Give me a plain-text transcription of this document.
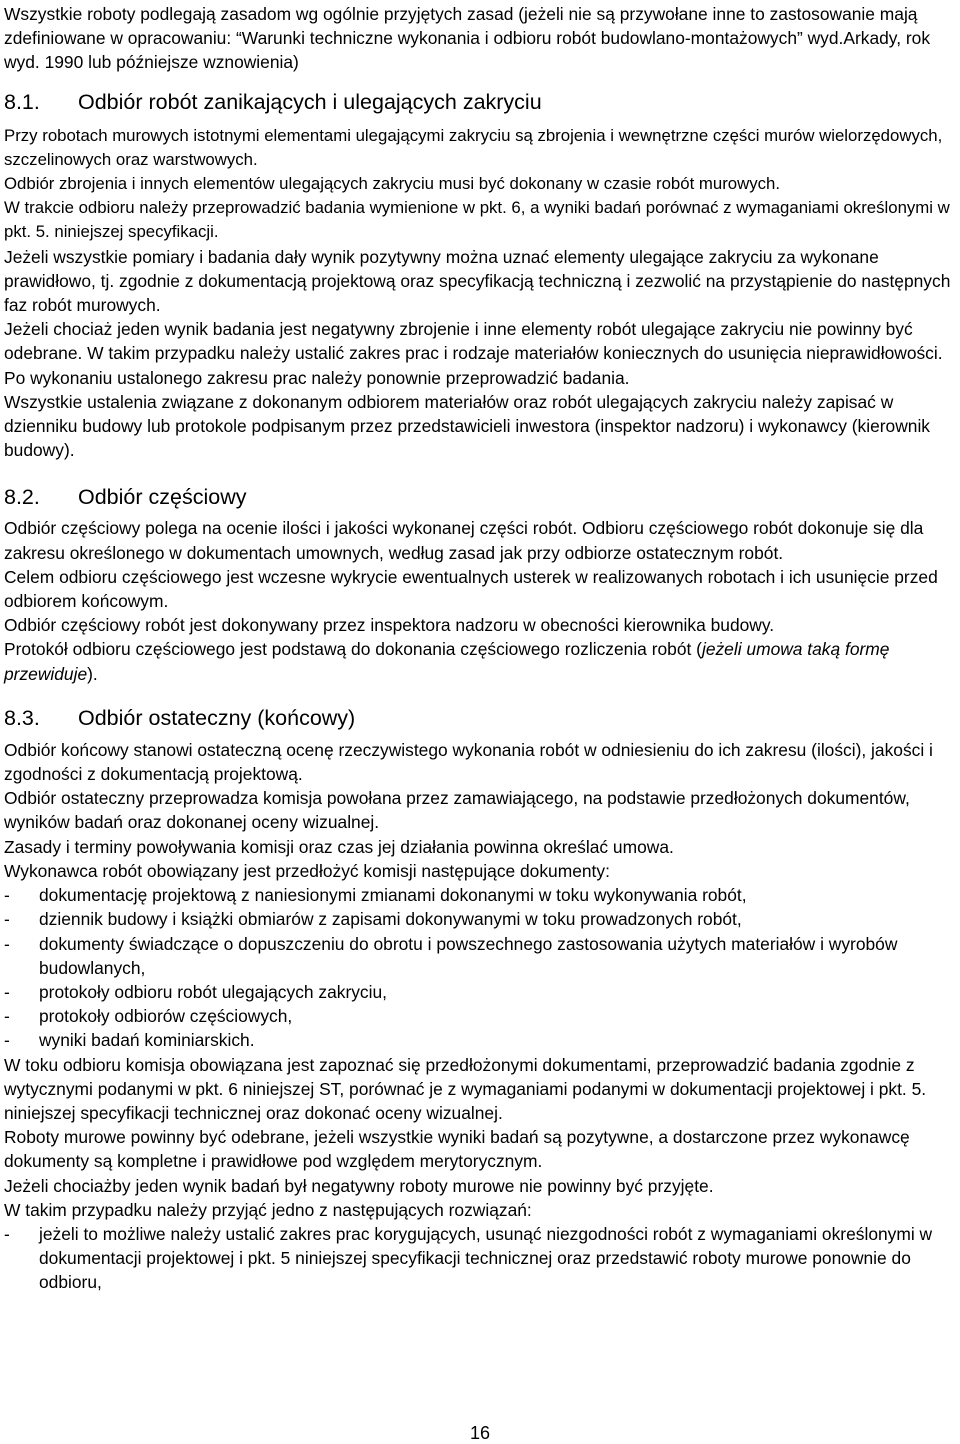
Wszystkie roboty podlegają zasadom wg ogólnie przyjętych zasad (jeżeli nie są przywołane inne to zastosowanie mają zdefiniowane w opracowaniu: “Warunki techniczne wykonania i odbioru robót budowlano-montażowych” wyd.Arkady, rok wyd. 1990 lub późniejsze wznowienia)

8.1.	Odbiór robót zanikających i ulegających zakryciu

Przy robotach murowych istotnymi elementami ulegającymi zakryciu są zbrojenia i wewnętrzne części murów wielorzędowych, szczelinowych oraz warstwowych.

Odbiór zbrojenia i innych elementów ulegających zakryciu musi być dokonany w czasie robót murowych.

W trakcie odbioru należy przeprowadzić badania wymienione w pkt. 6, a wyniki badań porównać z wymaganiami określonymi w pkt. 5. niniejszej specyfikacji.

Jeżeli wszystkie pomiary i badania dały wynik pozytywny można uznać elementy ulegające zakryciu za wykonane prawidłowo, tj. zgodnie z dokumentacją projektową oraz specyfikacją techniczną i zezwolić na przystąpienie do następnych faz robót murowych.

Jeżeli chociaż jeden wynik badania jest negatywny zbrojenie i inne elementy robót ulegające zakryciu nie powinny być odebrane. W takim przypadku należy ustalić zakres prac i rodzaje materiałów koniecznych do usunięcia nieprawidłowości. Po wykonaniu ustalonego zakresu prac należy ponownie przeprowadzić badania.

Wszystkie ustalenia związane z dokonanym odbiorem materiałów oraz robót ulegających zakryciu należy zapisać w dzienniku budowy lub protokole podpisanym przez przedstawicieli inwestora (inspektor nadzoru) i wykonawcy (kierownik budowy).

8.2.	Odbiór częściowy

Odbiór częściowy polega na ocenie ilości i jakości wykonanej części robót. Odbioru częściowego robót dokonuje się dla zakresu określonego w dokumentach umownych, według zasad jak przy odbiorze ostatecznym robót.

Celem odbioru częściowego jest wczesne wykrycie ewentualnych usterek w realizowanych robotach i ich usunięcie przed odbiorem końcowym.

Odbiór częściowy robót jest dokonywany przez inspektora nadzoru w obecności kierownika budowy.

Protokół odbioru częściowego jest podstawą do dokonania częściowego rozliczenia robót (jeżeli umowa taką formę przewiduje).

8.3.	Odbiór ostateczny (końcowy)

Odbiór końcowy stanowi ostateczną ocenę rzeczywistego wykonania robót w odniesieniu do ich zakresu (ilości), jakości i zgodności z dokumentacją projektową.

Odbiór ostateczny przeprowadza komisja powołana przez zamawiającego, na podstawie przedłożonych dokumentów, wyników badań oraz dokonanej oceny wizualnej.

Zasady i terminy powoływania komisji oraz czas jej działania powinna określać umowa.

Wykonawca robót obowiązany jest przedłożyć komisji następujące dokumenty:

-	dokumentację projektową z naniesionymi zmianami dokonanymi w toku wykonywania robót,
-	dziennik budowy i książki obmiarów z zapisami dokonywanymi w toku prowadzonych robót,
-	dokumenty świadczące o dopuszczeniu do obrotu i powszechnego zastosowania użytych materiałów i wyrobów budowlanych,
-	protokoły odbioru robót ulegających zakryciu,
-	protokoły odbiorów częściowych,
-	wyniki badań kominiarskich.

W toku odbioru komisja obowiązana jest zapoznać się przedłożonymi dokumentami, przeprowadzić badania zgodnie z wytycznymi podanymi w pkt. 6 niniejszej ST, porównać je z wymaganiami podanymi w dokumentacji projektowej i pkt. 5. niniejszej specyfikacji technicznej oraz dokonać oceny wizualnej.

Roboty murowe powinny być odebrane, jeżeli wszystkie wyniki badań są pozytywne, a dostarczone przez wykonawcę dokumenty są kompletne i prawidłowe pod względem merytorycznym.

Jeżeli chociażby jeden wynik badań był negatywny roboty murowe nie powinny być przyjęte.

W takim przypadku należy przyjąć jedno z następujących rozwiązań:

-	jeżeli to możliwe należy ustalić zakres prac korygujących, usunąć niezgodności robót z wymaganiami określonymi w dokumentacji projektowej i pkt. 5 niniejszej specyfikacji technicznej oraz przedstawić roboty murowe ponownie do odbioru,
16
